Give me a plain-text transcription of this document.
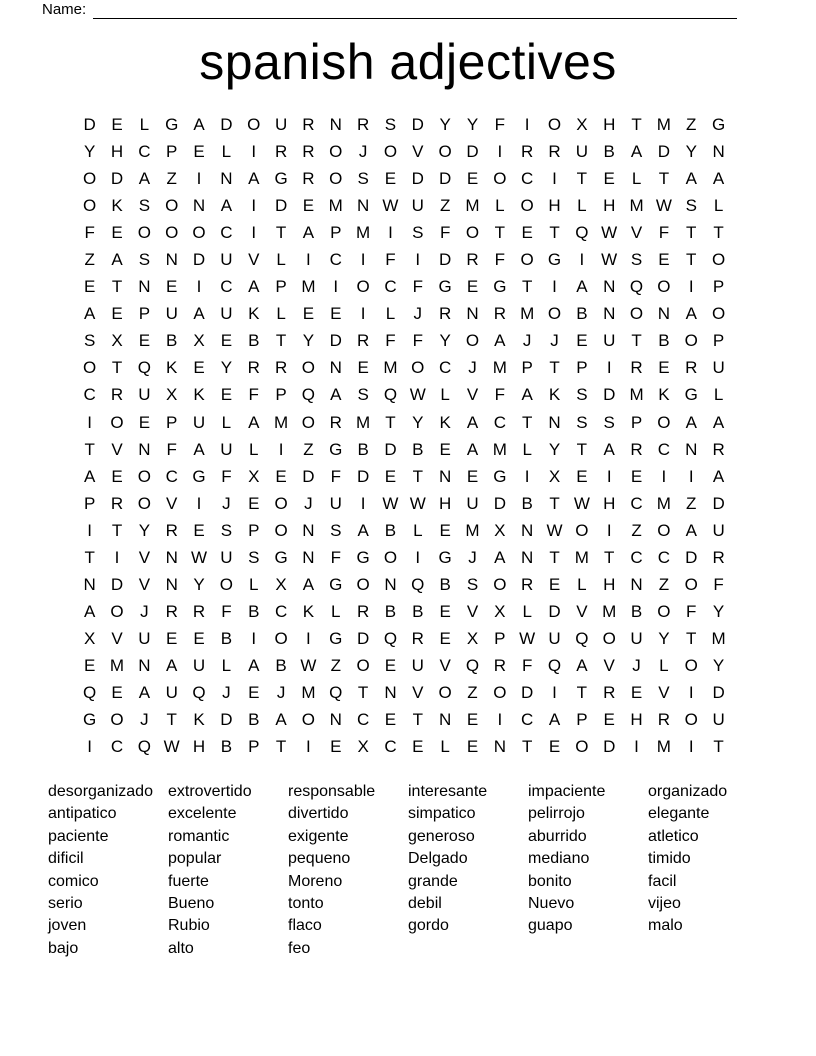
Name:
spanish adjectives
D E L G A D O U R N R S D Y Y F	I	O X H T M Z G
Y H C P E L	I	R R O J O V O D	I	R R U B A D Y N
O D A Z	I	N A G R O S E D D E O C	I	T E L	T A A
O K S O N A	I	D E M N W U Z M L O H L H M W S L
F E O O O C	I	T A P M	I	S F O T E T Q W V F T T
Z A S N D U V L	I	C	I	F	I	D R F O G	I W S E T O
E T N E	I	C A P M	I	O C F G E G T	I	A N Q O	I	P
A E P U A U K L E E	I	L	J R N R M O B N O N A O
S X E B X E B T Y D R F F Y O A	J	J	E U T B O P
O T Q K E Y R R O N E M O C J M P T P	I	R E R U
C R U X K E F P Q A S Q W L V F A K S D M K G L
I	O E P U L A M O R M T Y K A C T N S S P O A A
T V N F A U L	I	Z G B D B E A M L Y T A R C N R
A E O C G F X E D F D E T N E G	I	X E	I	E	I	I	A
P R O V	I	J	E O J U	I W W H U D B T W H C M Z D
I	T Y R E S P O N S A B L E M X N W O	I	Z O A U
T	I	V N W U S G N F G O	I	G J	A N T M T C C D R
N D V N Y O L X A G O N Q B S O R E L H N Z O F
A O J R R F B C K L R B B E V X L D V M B O F Y
X V U E E B	I	O	I	G D Q R E X P W U Q O U Y T M
E M N A U L A B W Z O E U V Q R F Q A V	J	L O Y
Q E A U Q J	E	J M Q T N V O Z O D	I	T R E V	I	D
G O J	T K D B A O N C E T N E	I	C A P E H R O U
I	C Q W H B P T	I	E X C E L E N T E O D	I	M	I	T
desorganizado
antipatico
paciente
dificil
comico
serio
joven
bajo
extrovertido
excelente
romantic
popular
fuerte
Bueno
Rubio
alto
responsable
divertido
exigente
pequeno
Moreno
tonto
flaco
feo
interesante
simpatico
generoso
Delgado
grande
debil
gordo
impaciente
pelirrojo
aburrido
mediano
bonito
Nuevo
guapo
organizado
elegante
atletico
timido
facil
vijeo
malo
